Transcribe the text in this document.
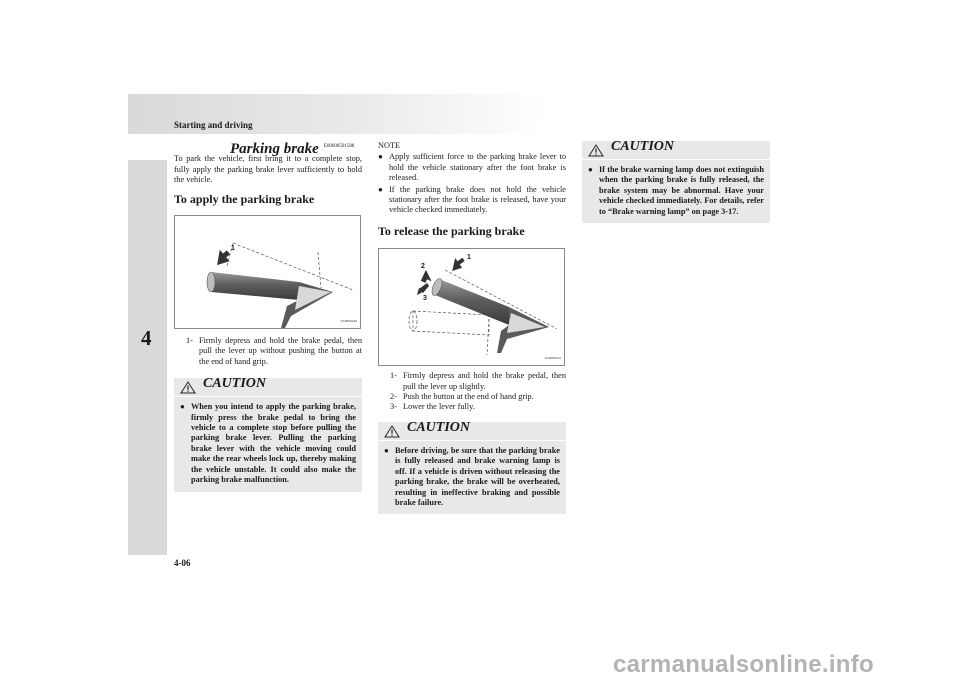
Starting and driving
4
Parking brake $^{E00600501588}$

To park the vehicle, first bring it to a complete stop, fully apply the parking brake lever sufficiently to hold the vehicle.

To apply the parking brake
1
TA0060449
1- Firmly depress and hold the brake pedal, then pull the lever up without pushing the button at the end of hand grip.
CAUTION
● When you intend to apply the parking brake, firmly press the brake pedal to bring the vehicle to a complete stop before pulling the parking brake lever. Pulling the parking brake lever with the vehicle moving could make the rear wheels lock up, thereby making the vehicle unstable. It could also make the parking brake malfunction.
NOTE
● Apply sufficient force to the parking brake lever to hold the vehicle stationary after the foot brake is released.
● If the parking brake does not hold the vehicle stationary after the foot brake is released, have your vehicle checked immediately.
To release the parking brake
1
2
3
TA0060452
1- Firmly depress and hold the brake pedal, then pull the lever up slightly.
2- Push the button at the end of hand grip.
3- Lower the lever fully.
CAUTION
● Before driving, be sure that the parking brake is fully released and brake warning lamp is off. If a vehicle is driven without releasing the parking brake, the brake will be overheated, resulting in ineffective braking and possible brake failure.
CAUTION
● If the brake warning lamp does not extinguish when the parking brake is fully released, the brake system may be abnormal. Have your vehicle checked immediately. For details, refer to “Brake warning lamp” on page 3-17.
4-06
carmanualsonline.info
